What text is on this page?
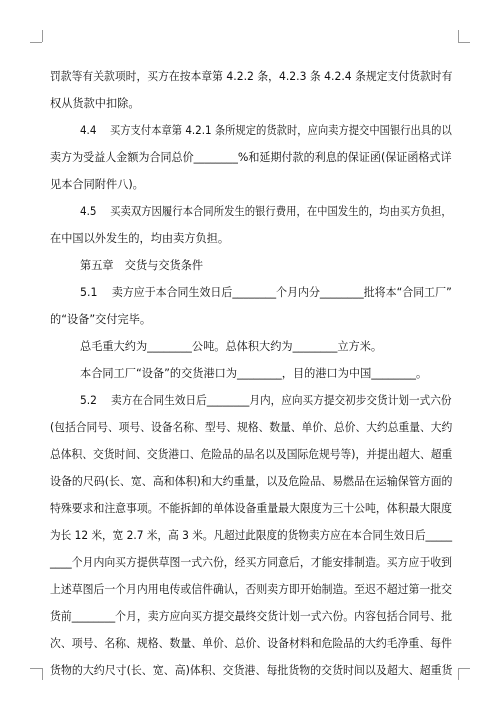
罚款等有关款项时，买方在按本章第 4.2.2 条，4.2.3 条 4.2.4 条规定支付货款时有
权从货款中扣除。
4.4　 买方支付本章第 4.2.1 条所规定的货款时，应向卖方提交中国银行出具的以
卖方为受益人金额为合同总价________%和延期付款的利息的保证函(保证函格式详
见本合同附件八)。
4.5　 买卖双方因履行本合同所发生的银行费用，在中国发生的，均由买方负担，
在中国以外发生的，均由卖方负担。
第五章　交货与交货条件
5.1　 卖方应于本合同生效日后________个月内分________批将本“合同工厂”
的“设备”交付完毕。
总毛重大约为________公吨。总体积大约为________立方米。
本合同工厂“设备”的交货港口为________，目的港口为中国________。
5.2　 卖方在合同生效日后________月内，应向买方提交初步交货计划一式六份
(包括合同号、项号、设备名称、型号、规格、数量、单价、总价、大约总重量、大约
总体积、交货时间、交货港口、危险品的品名以及国际危规号等)，并提出超大、超重
设备的尺码(长、宽、高和体积)和大约重量，以及危险品、易燃品在运输保管方面的
特殊要求和注意事项。不能拆卸的单体设备重量最大限度为三十公吨，体积最大限度
为长 12 米，宽 2.7 米，高 3 米。凡超过此限度的货物卖方应在本合同生效日后_____
____个月内向买方提供草图一式六份，经买方同意后，才能安排制造。买方应于收到
上述草图后一个月内用电传或信件确认，否则卖方即开始制造。至迟不超过第一批交
货前________个月，卖方应向买方提交最终交货计划一式六份。内容包括合同号、批
次、项号、名称、规格、数量、单价、总价、设备材料和危险品的大约毛净重、每件
货物的大约尺寸(长、宽、高)体积、交货港、每批货物的交货时间以及超大、超重货
